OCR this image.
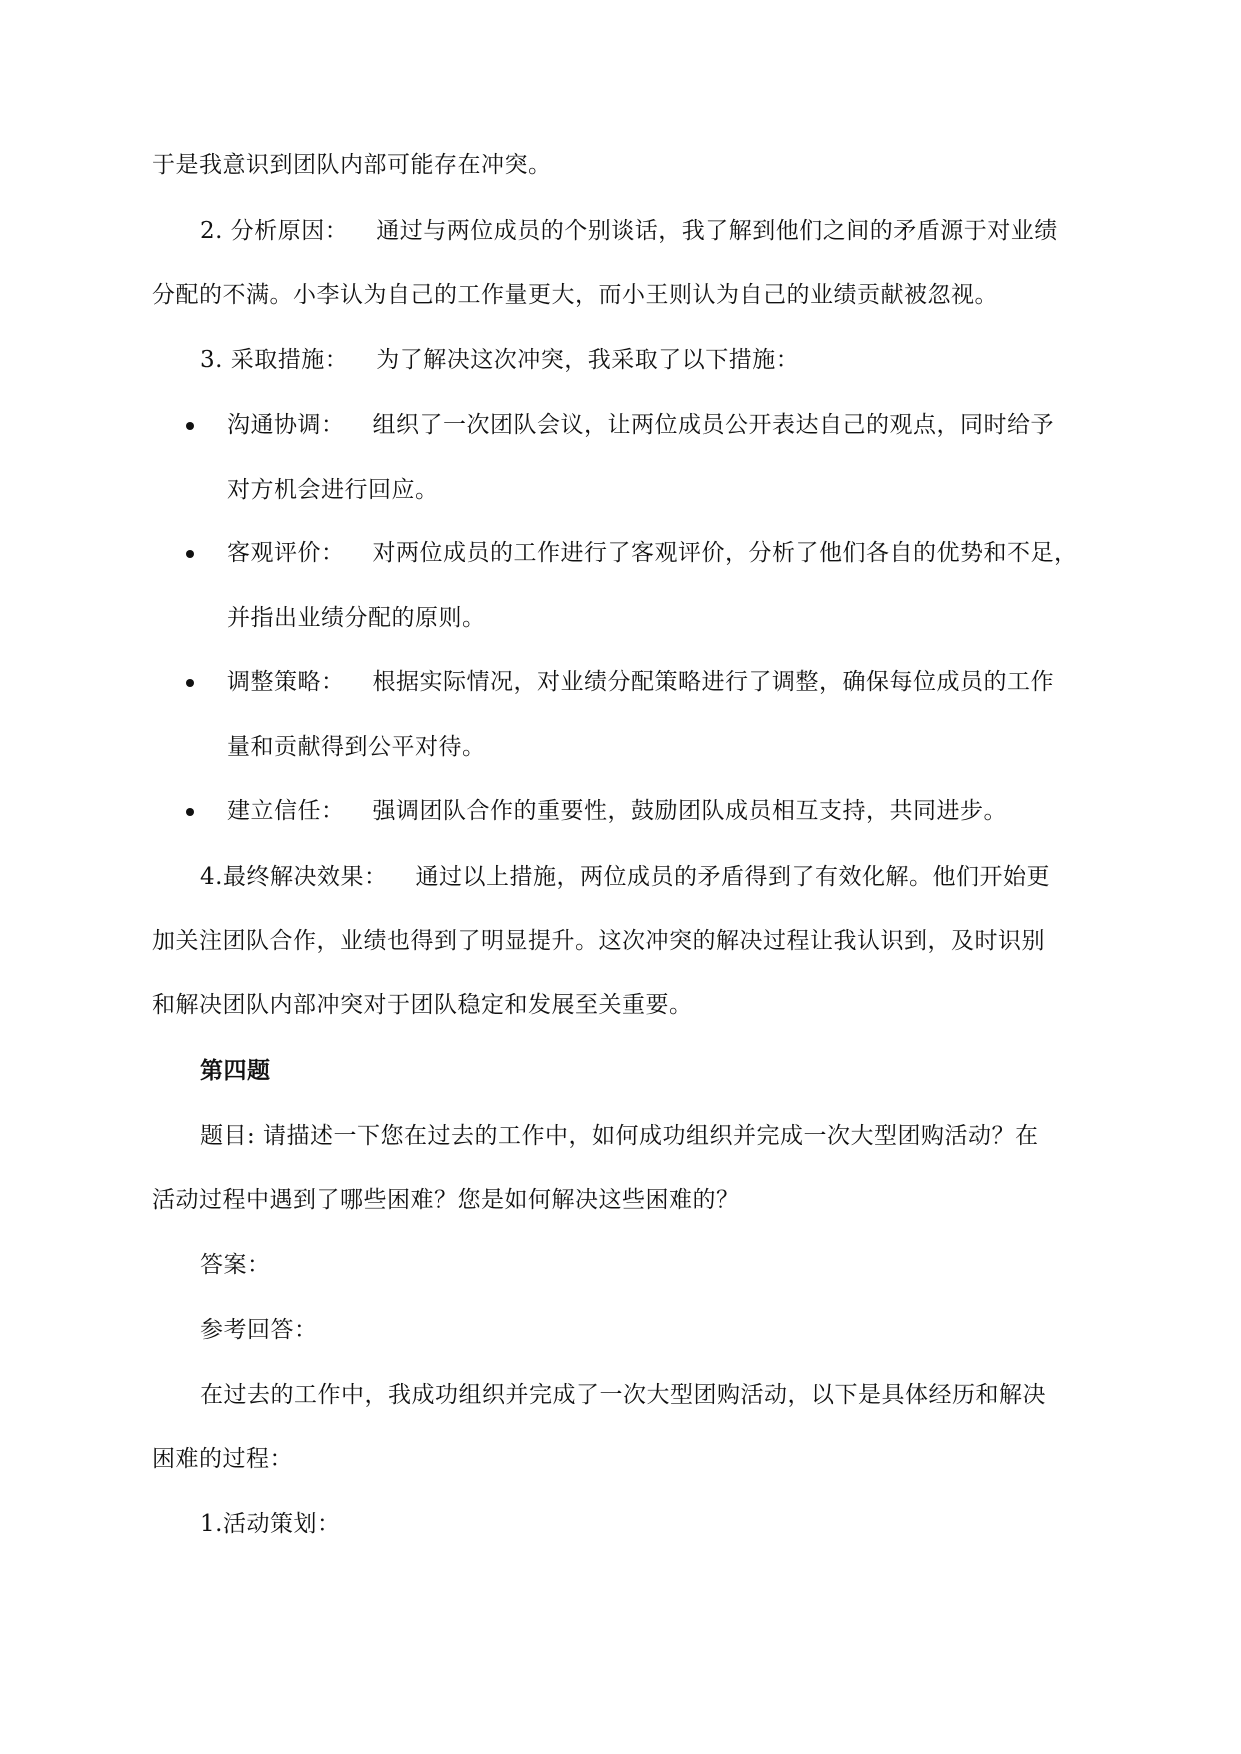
于是我意识到团队内部可能存在冲突。
2. 分析原因： 通过与两位成员的个别谈话，我了解到他们之间的矛盾源于对业绩
分配的不满。小李认为自己的工作量更大，而小王则认为自己的业绩贡献被忽视。
3. 采取措施： 为了解决这次冲突，我采取了以下措施：
沟通协调： 组织了一次团队会议，让两位成员公开表达自己的观点，同时给予
对方机会进行回应。
客观评价： 对两位成员的工作进行了客观评价，分析了他们各自的优势和不足，
并指出业绩分配的原则。
调整策略： 根据实际情况，对业绩分配策略进行了调整，确保每位成员的工作
量和贡献得到公平对待。
建立信任： 强调团队合作的重要性，鼓励团队成员相互支持，共同进步。
4.最终解决效果： 通过以上措施，两位成员的矛盾得到了有效化解。他们开始更
加关注团队合作，业绩也得到了明显提升。这次冲突的解决过程让我认识到，及时识别
和解决团队内部冲突对于团队稳定和发展至关重要。
第四题
题目: 请描述一下您在过去的工作中，如何成功组织并完成一次大型团购活动？在
活动过程中遇到了哪些困难？您是如何解决这些困难的？
答案：
参考回答：
在过去的工作中，我成功组织并完成了一次大型团购活动，以下是具体经历和解决
困难的过程：
1.活动策划：
